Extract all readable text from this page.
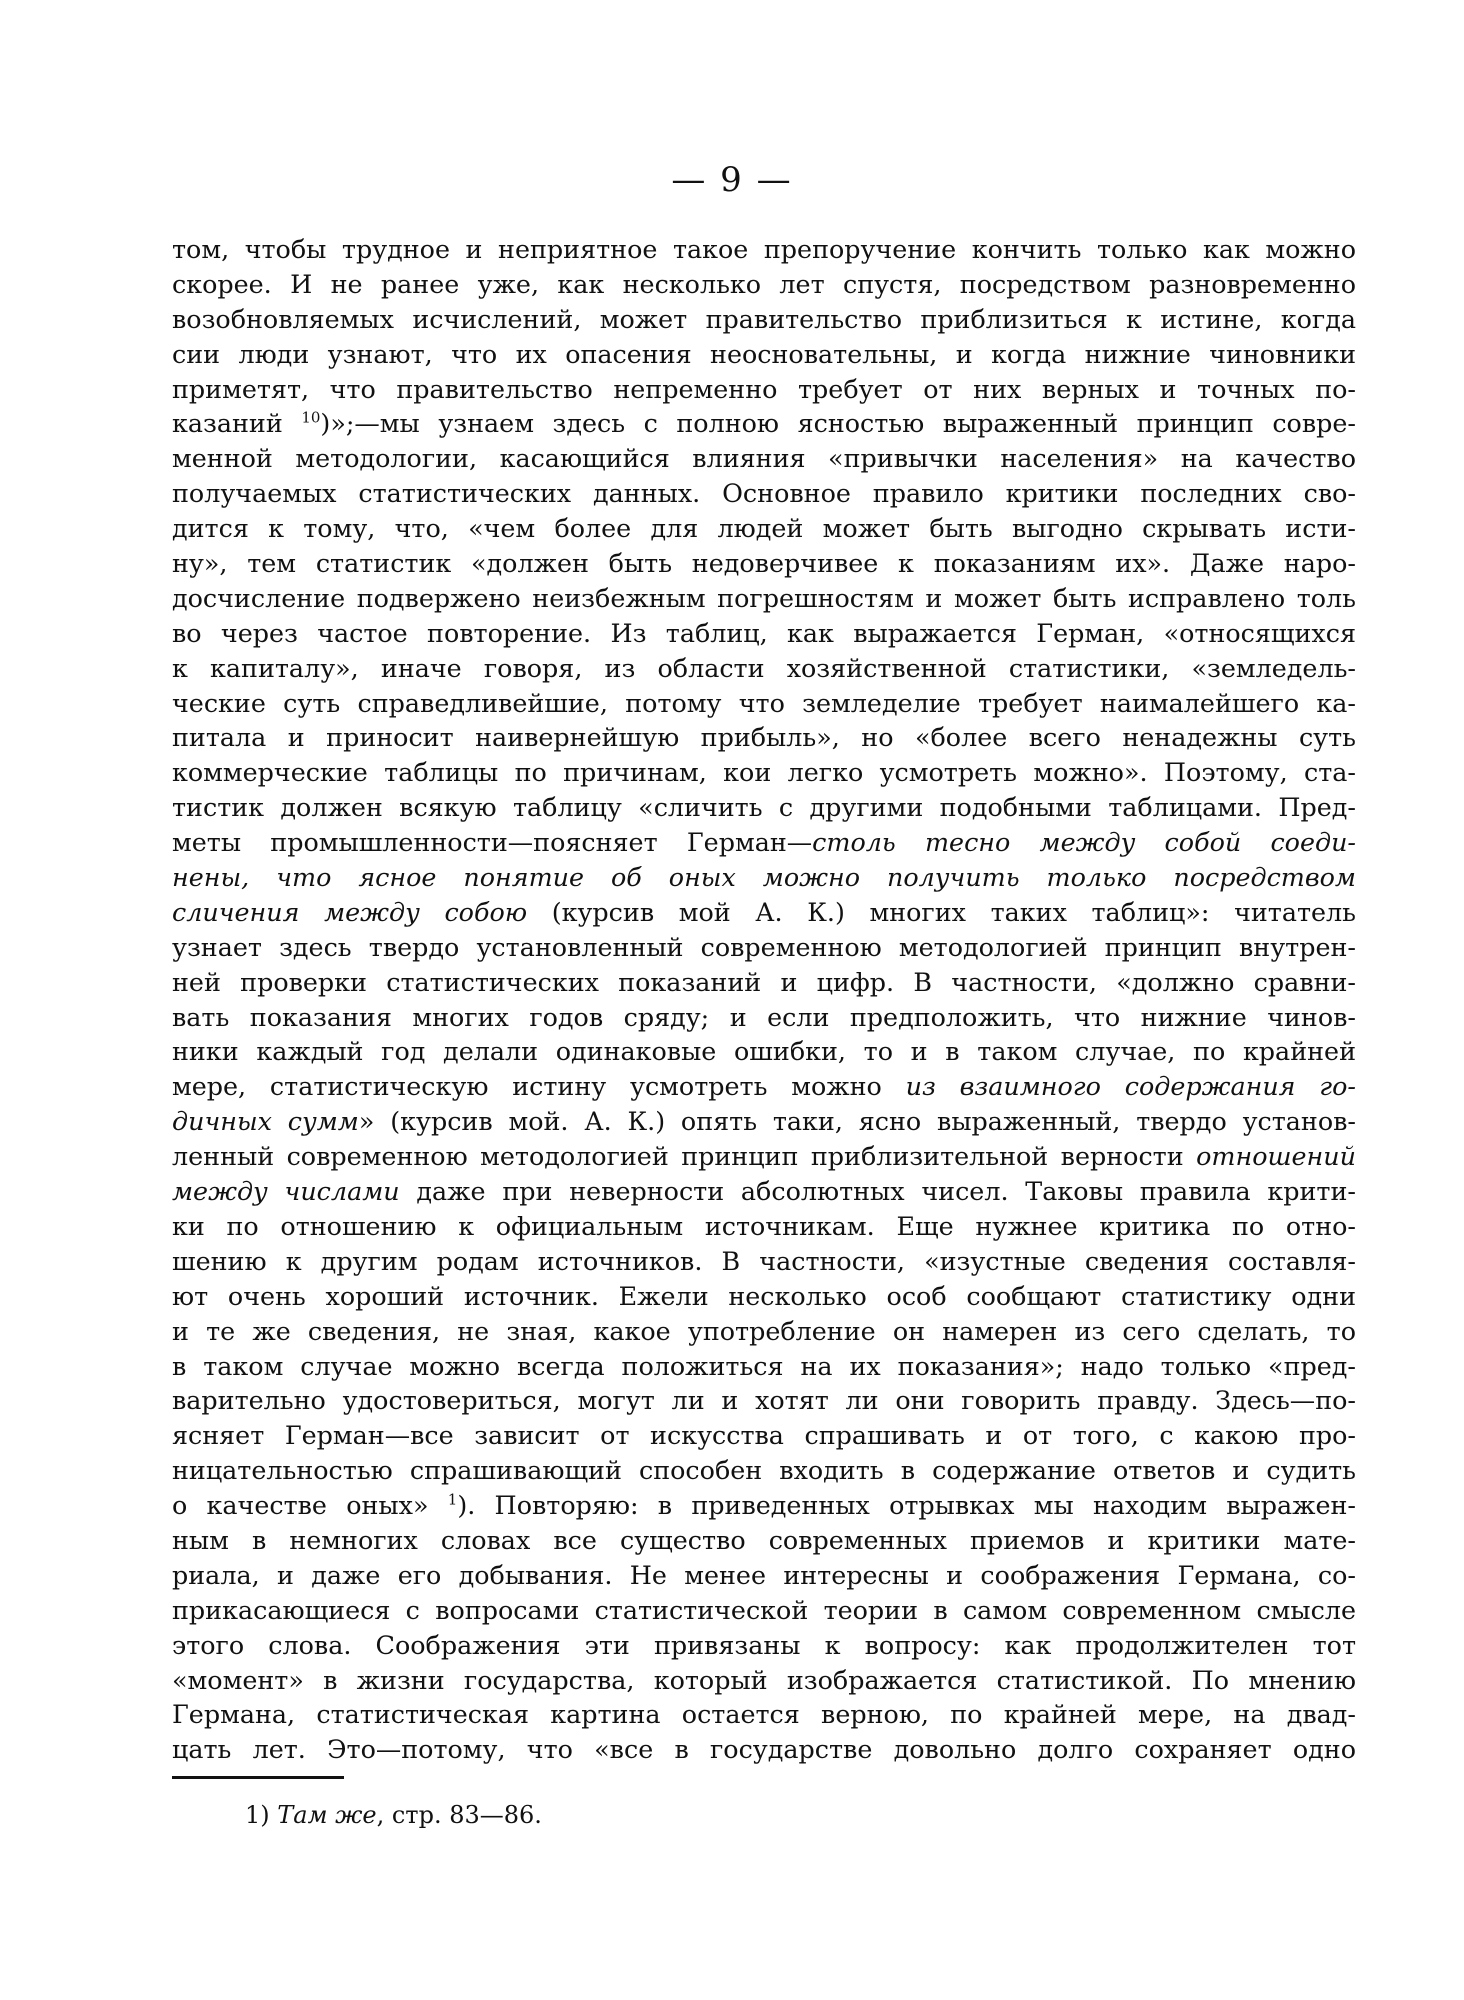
— 9 —
том, чтобы трудное и неприятное такое препоручение кончить только как можно
скорее. И не ранее уже, как несколько лет спустя, посредством разновременно
возобновляемых исчислений, может правительство приблизиться к истине, когда
сии люди узнают, что их опасения неосновательны, и когда нижние чиновники
приметят, что правительство непременно требует от них верных и точных по-
казаний $^{10}$)»;—мы узнаем здесь с полною ясностью выраженный принцип совре-
менной методологии, касающийся влияния «привычки населения» на качество
получаемых статистических данных. Основное правило критики последних сво-
дится к тому, что, «чем более для людей может быть выгодно скрывать исти-
ну», тем статистик «должен быть недоверчивее к показаниям их». Даже наро-
досчисление подвержено неизбежным погрешностям и может быть исправлено толь
во через частое повторение. Из таблиц, как выражается Герман, «относящихся
к капиталу», иначе говоря, из области хозяйственной статистики, «земледель-
ческие суть справедливейшие, потому что земледелие требует наималейшего ка-
питала и приносит наивернейшую прибыль», но «более всего ненадежны суть
коммерческие таблицы по причинам, кои легко усмотреть можно». Поэтому, ста-
тистик должен всякую таблицу «сличить с другими подобными таблицами. Пред-
меты промышленности—поясняет Герман—столь тесно между собой соеди-
нены, что ясное понятие об оных можно получить только посредством
сличения между собою (курсив мой А. К.) многих таких таблиц»: читатель
узнает здесь твердо установленный современною методологией принцип внутрен-
ней проверки статистических показаний и цифр. В частности, «должно сравни-
вать показания многих годов сряду; и если предположить, что нижние чинов-
ники каждый год делали одинаковые ошибки, то и в таком случае, по крайней
мере, статистическую истину усмотреть можно из взаимного содержания го-
дичных сумм» (курсив мой. А. К.) опять таки, ясно выраженный, твердо установ-
ленный современною методологией принцип приблизительной верности отношений
между числами даже при неверности абсолютных чисел. Таковы правила крити-
ки по отношению к официальным источникам. Еще нужнее критика по отно-
шению к другим родам источников. В частности, «изустные сведения составля-
ют очень хороший источник. Ежели несколько особ сообщают статистику одни
и те же сведения, не зная, какое употребление он намерен из сего сделать, то
в таком случае можно всегда положиться на их показания»; надо только «пред-
варительно удостовериться, могут ли и хотят ли они говорить правду. Здесь—по-
ясняет Герман—все зависит от искусства спрашивать и от того, с какою про-
ницательностью спрашивающий способен входить в содержание ответов и судить
о качестве оных» $^1$). Повторяю: в приведенных отрывках мы находим выражен-
ным в немногих словах все существо современных приемов и критики мате-
риала, и даже его добывания. Не менее интересны и соображения Германа, со-
прикасающиеся с вопросами статистической теории в самом современном смысле
этого слова. Соображения эти привязаны к вопросу: как продолжителен тот
«момент» в жизни государства, который изображается статистикой. По мнению
Германа, статистическая картина остается верною, по крайней мере, на двад-
цать лет. Это—потому, что «все в государстве довольно долго сохраняет одно
1) Там же, стр. 83—86.
